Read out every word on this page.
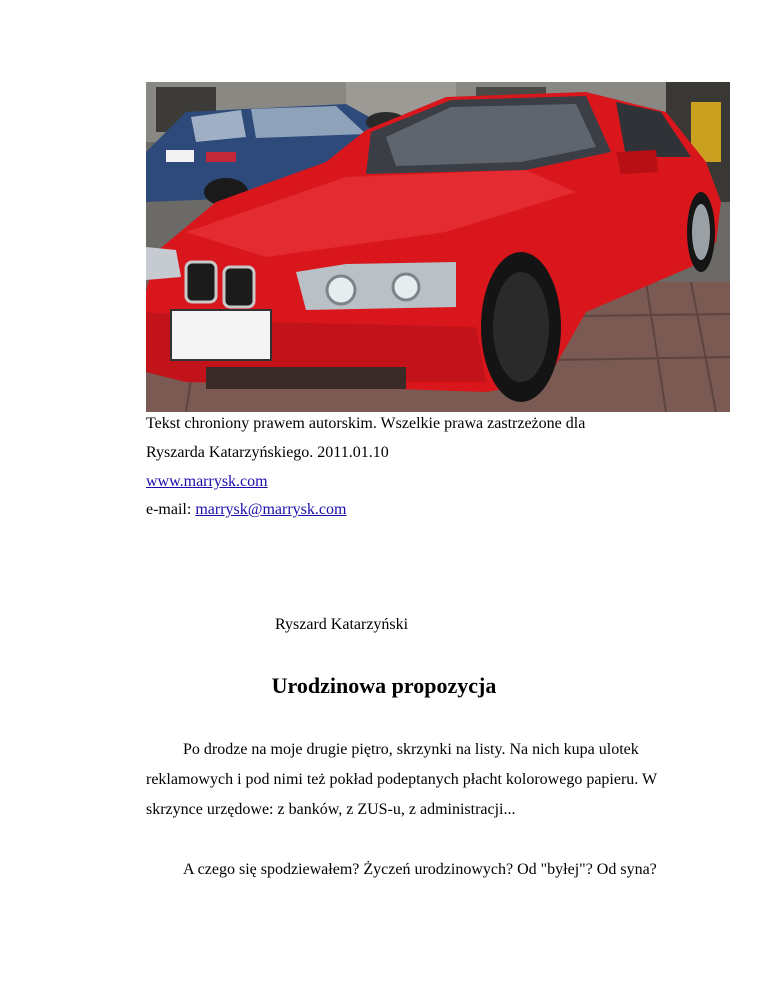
Tekst chroniony prawem autorskim. Wszelkie prawa zastrzeżone dla
Ryszarda Katarzyńskiego. 2011.01.10
www.marrysk.com
e-mail: marrysk@marrysk.com
Ryszard Katarzyński
Urodzinowa propozycja

Po drodze na moje drugie piętro, skrzynki na listy. Na nich kupa ulotek reklamowych i pod nimi też pokład podeptanych płacht kolorowego papieru. W skrzynce urzędowe: z banków, z ZUS-u, z administracji...

A czego się spodziewałem? Życzeń urodzinowych? Od "byłej"? Od syna?
